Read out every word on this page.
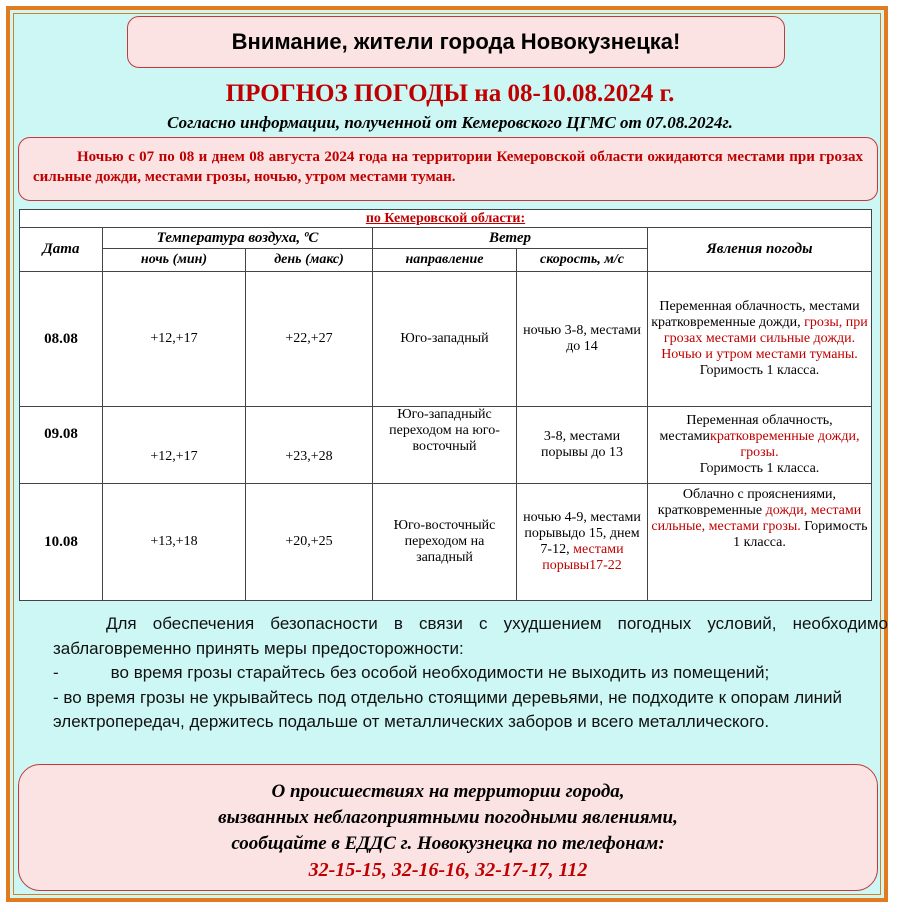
Внимание, жители города Новокузнецка!
ПРОГНОЗ ПОГОДЫ на 08-10.08.2024 г.
Согласно информации, полученной от Кемеровского ЦГМС от 07.08.2024г.
Ночью с 07 по 08 и днем 08 августа 2024 года на территории Кемеровской области ожидаются местами при грозах сильные дожди, местами грозы, ночью, утром местами туман.
по Кемеровской области:					
Дата	Температура воздуха, ºС		Ветер		Явления погоды
	ночь (мин)	день (макс)	направление	скорость, м/с	
08.08	+12,+17	+22,+27	Юго-западный	ночью 3-8, местами до 14	Переменная облачность, местами кратковременные дожди, грозы, при грозах местами сильные дожди. Ночью и утром местами туманы.
Горимость 1 класса.
09.08	+12,+17	+23,+28	Юго-западныйс переходом на юго-восточный	3-8, местами порывы до 13	Переменная облачность, местамикратковременные дожди, грозы.
Горимость 1 класса.
10.08	+13,+18	+20,+25	Юго-восточныйс переходом на западный	ночью 4-9, местами порывыдо 15, днем 7-12, местами порывы17-22	Облачно с прояснениями, кратковременные дожди, местами сильные, местами грозы. Горимость 1 класса.

Для обеспечения безопасности в связи с ухудшением погодных условий, необходимо заблаговременно принять меры предосторожности:

-	во время грозы старайтесь без особой необходимости не выходить из помещений;

- во время грозы не укрывайтесь под отдельно стоящими деревьями, не подходите к опорам линий электропередач, держитесь подальше от металлических заборов и всего металлического.

О происшествиях на территории города,
вызванных неблагоприятными погодными явлениями,
сообщайте в ЕДДС г. Новокузнецка по телефонам:
32-15-15, 32-16-16, 32-17-17, 112
